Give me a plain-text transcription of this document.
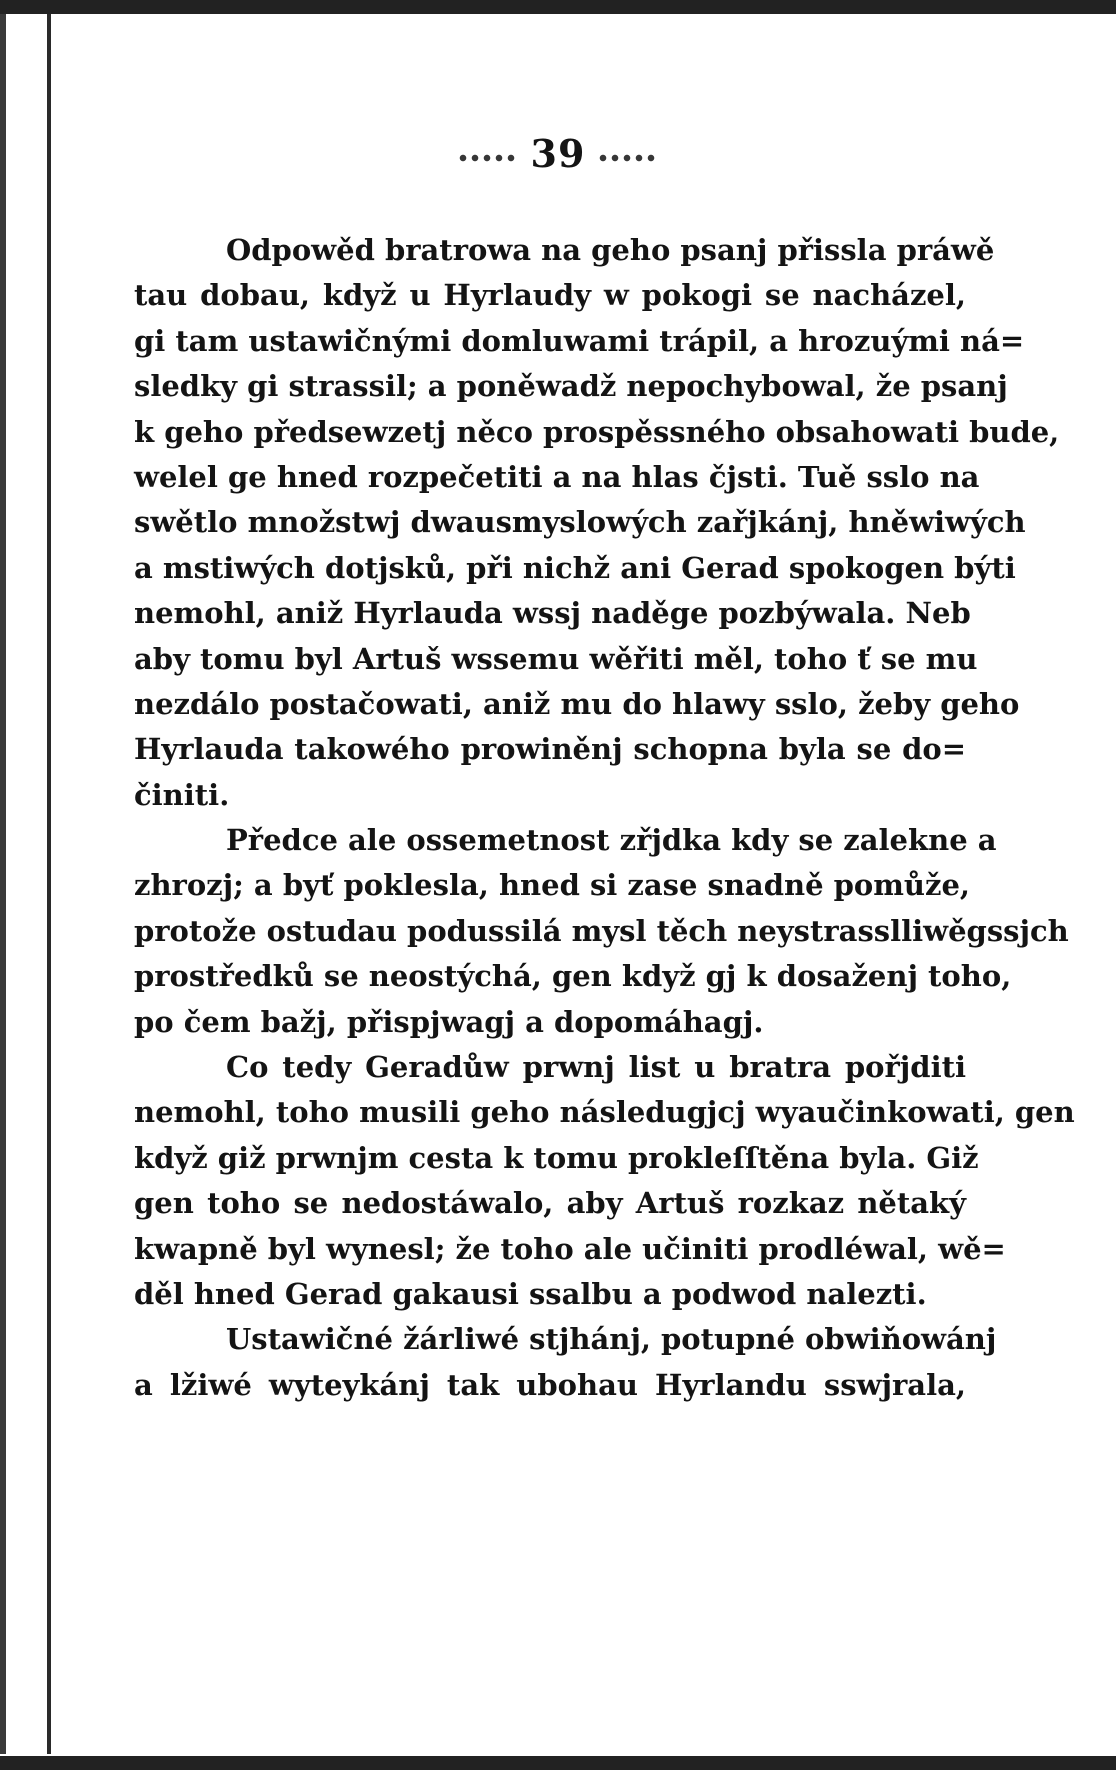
39
Odpowěd bratrowa na geho psanj přissla práwě
tau dobau, když u Hyrlaudy w pokogi se nacházel,
gi tam ustawičnými domluwami trápil, a hrozuými ná=
sledky gi strassil; a poněwadž nepochybowal, že psanj
k geho předsewzetj něco prospěssného obsahowati bude,
welel ge hned rozpečetiti a na hlas čjsti. Tuě sslo na
swětlo množstwj dwausmyslowých zařjkánj, hněwiwých
a mstiwých dotjsků, při nichž ani Gerad spokogen býti
nemohl, aniž Hyrlauda wssj naděge pozbýwala. Neb
aby tomu byl Artuš wssemu wěřiti měl, toho ť se mu
nezdálo postačowati, aniž mu do hlawy sslo, žeby geho
Hyrlauda takowého prowiněnj schopna byla se do=
činiti.
Předce ale ossemetnost zřjdka kdy se zalekne a
zhrozj; a byť poklesla, hned si zase snadně pomůže,
protože ostudau podussilá mysl těch neystrasslliwěgssjch
prostředků se neostýchá, gen když gj k dosaženj toho,
po čem bažj, přispjwagj a dopomáhagj.
Co tedy Geradůw prwnj list u bratra pořjditi
nemohl, toho musili geho následugjcj wyaučinkowati, gen
když giž prwnjm cesta k tomu prokleſſtěna byla. Giž
gen toho se nedostáwalo, aby Artuš rozkaz nětaký
kwapně byl wynesl; že toho ale učiniti prodléwal, wě=
děl hned Gerad gakausi ssalbu a podwod nalezti.
Ustawičné žárliwé stjhánj, potupné obwiňowánj
a lžiwé wyteykánj tak ubohau Hyrlandu sswjrala,
